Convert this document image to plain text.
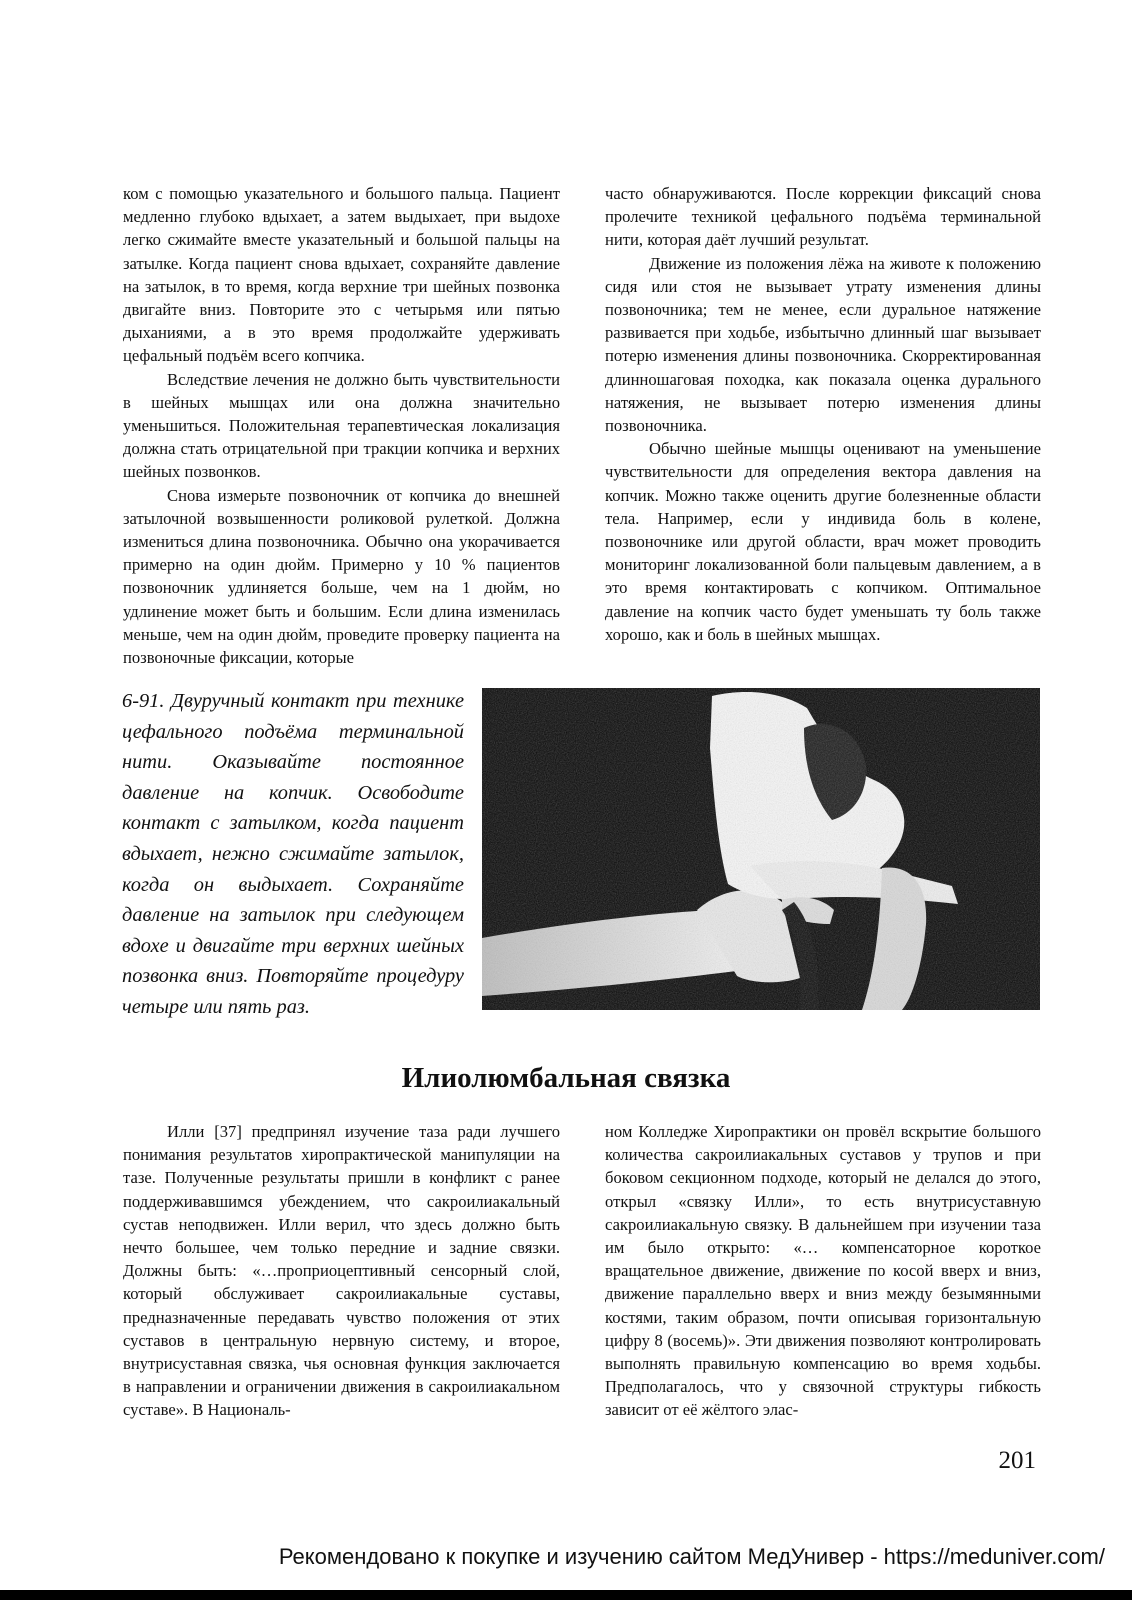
ком с помощью указательного и большого пальца. Пациент медленно глубоко вдыхает, а затем выдыхает, при выдохе легко сжимайте вместе указательный и большой пальцы на затылке. Когда пациент снова вдыхает, сохраняйте давление на затылок, в то время, когда верхние три шейных позвонка двигайте вниз. Повторите это с четырьмя или пятью дыханиями, а в это время продолжайте удерживать цефальный подъём всего копчика.

Вследствие лечения не должно быть чувствительности в шейных мышцах или она должна значительно уменьшиться. Положительная терапевтическая локализация должна стать отрицательной при тракции копчика и верхних шейных позвонков.

Снова измерьте позвоночник от копчика до внешней затылочной возвышенности роликовой рулеткой. Должна измениться длина позвоночника. Обычно она укорачивается примерно на один дюйм. Примерно у 10 % пациентов позвоночник удлиняется больше, чем на 1 дюйм, но удлинение может быть и большим. Если длина изменилась меньше, чем на один дюйм, проведите проверку пациента на позвоночные фиксации, которые

часто обнаруживаются. После коррекции фиксаций снова пролечите техникой цефального подъёма терминальной нити, которая даёт лучший результат.

Движение из положения лёжа на животе к положению сидя или стоя не вызывает утрату изменения длины позвоночника; тем не менее, если дуральное натяжение развивается при ходьбе, избытычно длинный шаг вызывает потерю изменения длины позвоночника. Скорректированная длинношаговая походка, как показала оценка дурального натяжения, не вызывает потерю изменения длины позвоночника.

Обычно шейные мышцы оценивают на уменьшение чувствительности для определения вектора давления на копчик. Можно также оценить другие болезненные области тела. Например, если у индивида боль в колене, позвоночнике или другой области, врач может проводить мониторинг локализованной боли пальцевым давлением, а в это время контактировать с копчиком. Оптимальное давление на копчик часто будет уменьшать ту боль также хорошо, как и боль в шейных мышцах.

6-91. Двуручный контакт при технике цефального подъёма терминальной нити. Оказывайте постоянное давление на копчик. Освободите контакт с затылком, когда пациент вдыхает, нежно сжимайте затылок, когда он выдыхает. Сохраняйте давление на затылок при следующем вдохе и двигайте три верхних шейных позвонка вниз. Повторяйте процедуру четыре или пять раз.
Илиолюмбальная связка

Илли [37] предпринял изучение таза ради лучшего понимания результатов хиропрактической манипуляции на тазе. Полученные результаты пришли в конфликт с ранее поддерживавшимся убеждением, что сакроилиакальный сустав неподвижен. Илли верил, что здесь должно быть нечто большее, чем только передние и задние связки. Должны быть: «…проприоцептивный сенсорный слой, который обслуживает сакроилиакальные суставы, предназначенные передавать чувство положения от этих суставов в центральную нервную систему, и второе, внутрисуставная связка, чья основная функция заключается в направлении и ограничении движения в сакроилиакальном суставе». В Националь-

ном Колледже Хиропрактики он провёл вскрытие большого количества сакроилиакальных суставов у трупов и при боковом секционном подходе, который не делался до этого, открыл «связку Илли», то есть внутрисуставную сакроилиакальную связку. В дальнейшем при изучении таза им было открыто: «… компенсаторное короткое вращательное движение, движение по косой вверх и вниз, движение параллельно вверх и вниз между безымянными костями, таким образом, почти описывая горизонтальную цифру 8 (восемь)». Эти движения позволяют контролировать выполнять правильную компенсацию во время ходьбы. Предполагалось, что у связочной структуры гибкость зависит от её жёлтого элас-

201
Рекомендовано к покупке и изучению сайтом МедУнивер - https://meduniver.com/
